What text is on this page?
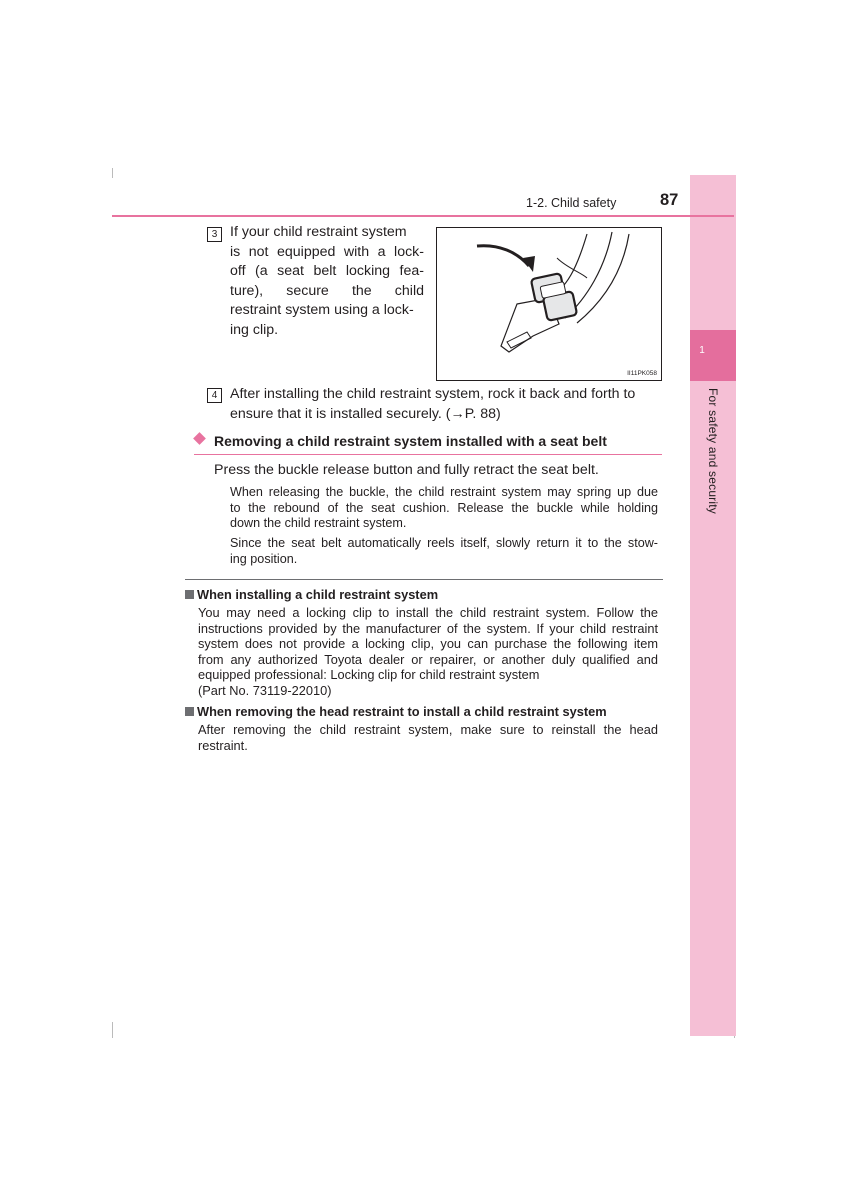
1
For safety and security
1-2. Child safety	87
3 If your child restraint system
is not equipped with a lock-
off (a seat belt locking fea-
ture), secure the child
restraint system using a lock-
ing clip.
II11PK058
4 After installing the child restraint system, rock it back and forth to
ensure that it is installed securely. (→P. 88)
Removing a child restraint system installed with a seat belt
Press the buckle release button and fully retract the seat belt.
When releasing the buckle, the child restraint system may spring up due
to the rebound of the seat cushion. Release the buckle while holding
down the child restraint system.
Since the seat belt automatically reels itself, slowly return it to the stow-
ing position.
When installing a child restraint system
You may need a locking clip to install the child restraint system. Follow the
instructions provided by the manufacturer of the system. If your child restraint
system does not provide a locking clip, you can purchase the following item
from any authorized Toyota dealer or repairer, or another duly qualified and
equipped professional: Locking clip for child restraint system
(Part No. 73119-22010)
When removing the head restraint to install a child restraint system
After removing the child restraint system, make sure to reinstall the head
restraint.
